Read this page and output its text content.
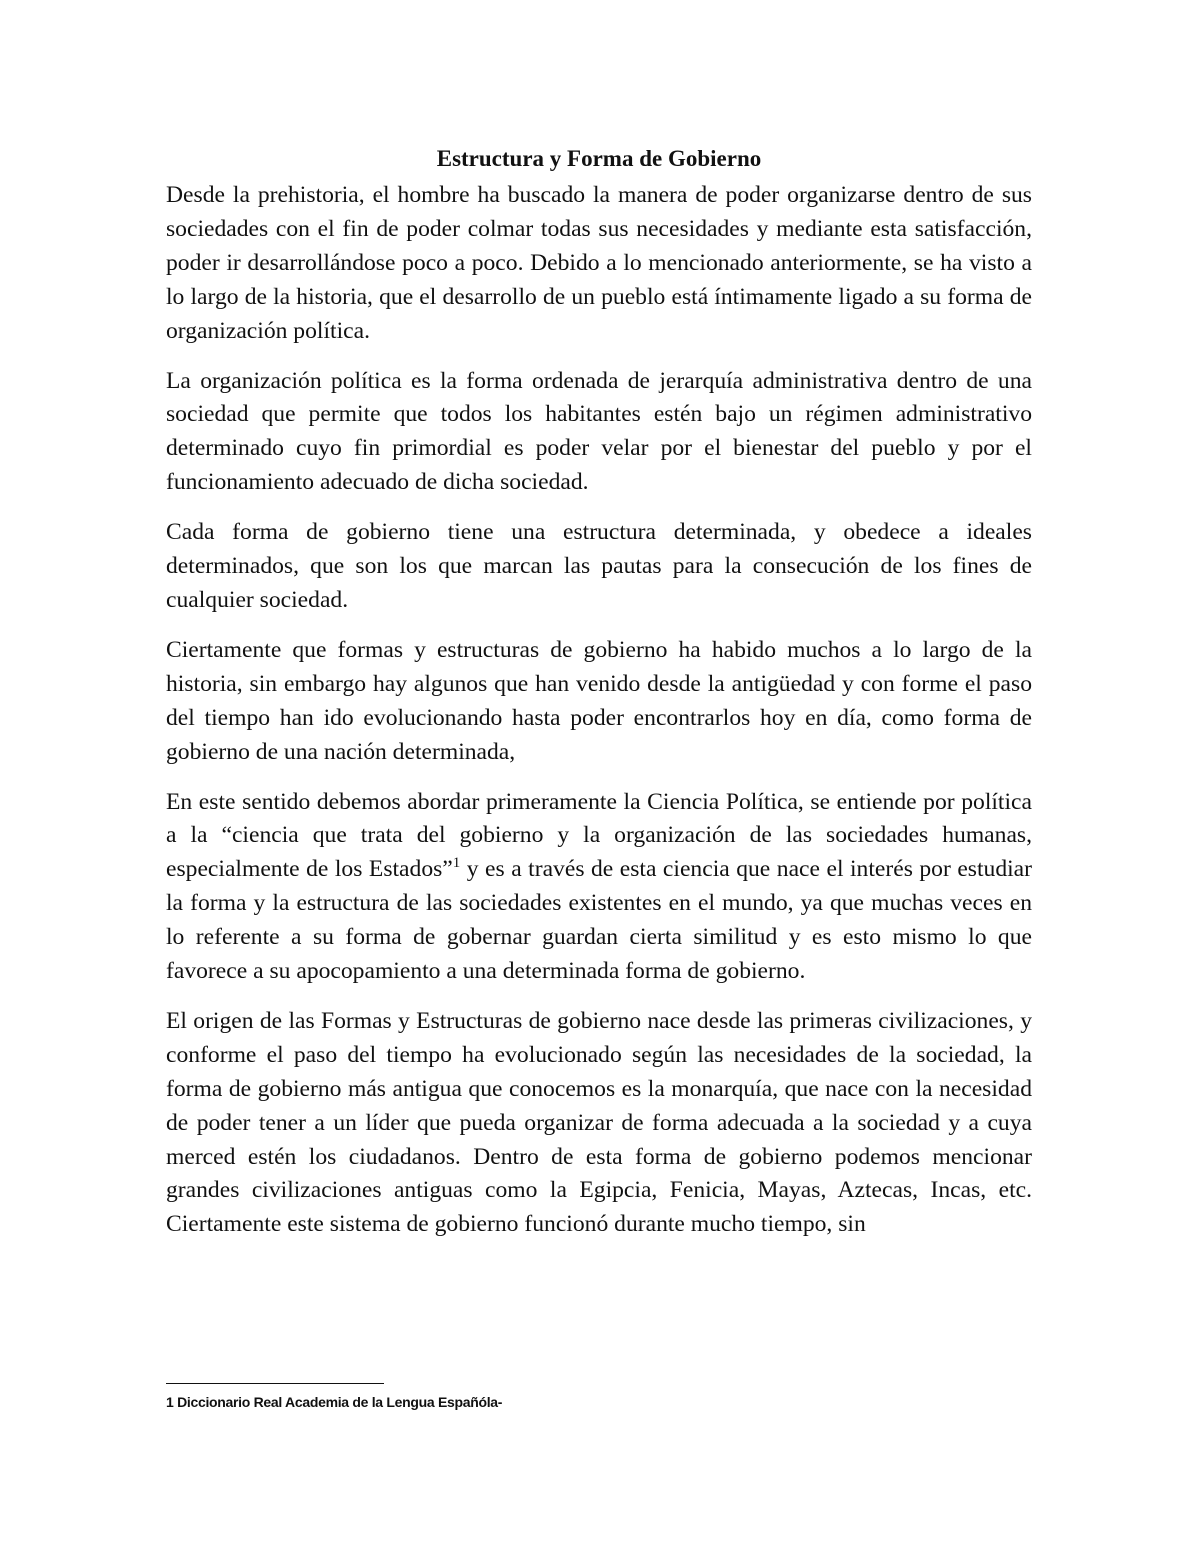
Estructura y Forma de Gobierno

Desde la prehistoria, el hombre ha buscado la manera de poder organizarse dentro de sus sociedades con el fin de poder colmar todas sus necesidades y mediante esta satisfacción, poder ir desarrollándose poco a poco. Debido a lo mencionado anteriormente, se ha visto a lo largo de la historia, que el desarrollo de un pueblo está íntimamente ligado a su forma de organización política.

La organización política es la forma ordenada de jerarquía administrativa dentro de una sociedad que permite que todos los habitantes estén bajo un régimen administrativo determinado cuyo fin primordial es poder velar por el bienestar del pueblo y por el funcionamiento adecuado de dicha sociedad.

Cada forma de gobierno tiene una estructura determinada, y obedece a ideales determinados, que son los que marcan las pautas para la consecución de los fines de cualquier sociedad.

Ciertamente que formas y estructuras de gobierno ha habido muchos a lo largo de la historia, sin embargo hay algunos que han venido desde la antigüedad y con forme el paso del tiempo han ido evolucionando hasta poder encontrarlos hoy en día, como forma de gobierno de una nación determinada,

En este sentido debemos abordar primeramente la Ciencia Política, se entiende por política a la “ciencia que trata del gobierno y la organización de las sociedades humanas, especialmente de los Estados”$^1$ y es a través de esta ciencia que nace el interés por estudiar la forma y la estructura de las sociedades existentes en el mundo, ya que muchas veces en lo referente a su forma de gobernar guardan cierta similitud y es esto mismo lo que favorece a su apocopamiento a una determinada forma de gobierno.

El origen de las Formas y Estructuras de gobierno nace desde las primeras civilizaciones, y conforme el paso del tiempo ha evolucionado según las necesidades de la sociedad, la forma de gobierno más antigua que conocemos es la monarquía, que nace con la necesidad de poder tener a un líder que pueda organizar de forma adecuada a la sociedad y a cuya merced estén los ciudadanos. Dentro de esta forma de gobierno podemos mencionar grandes civilizaciones antiguas como la Egipcia, Fenicia, Mayas, Aztecas, Incas, etc. Ciertamente este sistema de gobierno funcionó durante mucho tiempo, sin

1 Diccionario Real Academia de la Lengua Españóla-
